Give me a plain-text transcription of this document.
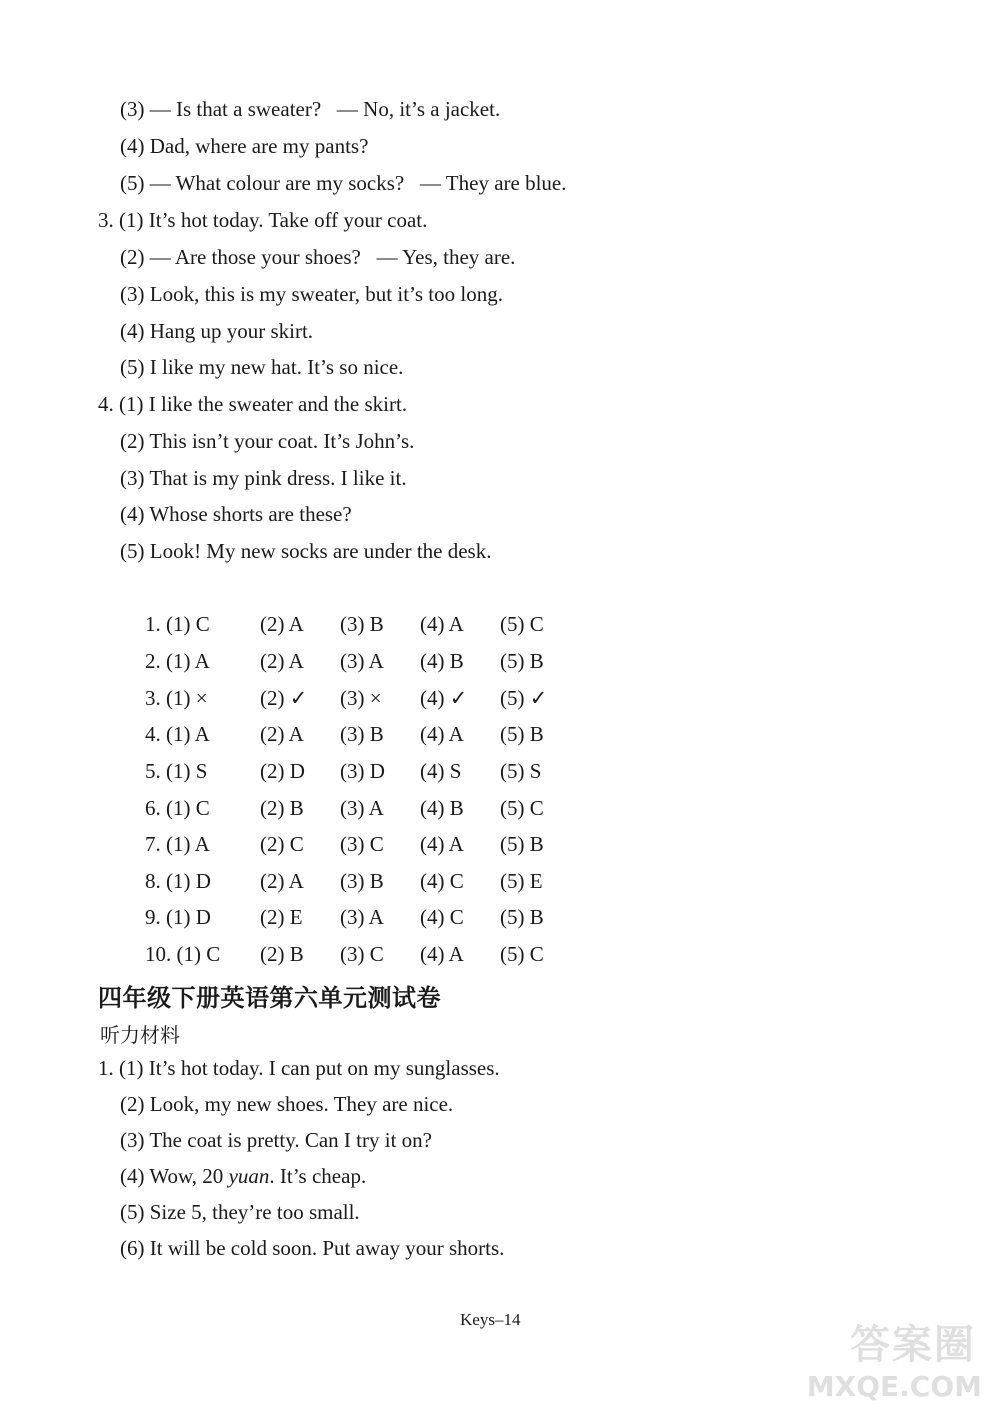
(3) — Is that a sweater?   — No, it’s a jacket.
(4) Dad, where are my pants?
(5) — What colour are my socks?   — They are blue.
3. (1) It’s hot today. Take off your coat.
(2) — Are those your shoes?   — Yes, they are.
(3) Look, this is my sweater, but it’s too long.
(4) Hang up your skirt.
(5) I like my new hat. It’s so nice.
4. (1) I like the sweater and the skirt.
(2) This isn’t your coat. It’s John’s.
(3) That is my pink dress. I like it.
(4) Whose shorts are these?
(5) Look! My new socks are under the desk.
1. (1) C (2) A (3) B (4) A (5) C
2. (1) A (2) A (3) A (4) B (5) B
3. (1) × (2) ✓ (3) × (4) ✓ (5) ✓
4. (1) A (2) A (3) B (4) A (5) B
5. (1) S	(2) D (3) D (4) S (5) S
6. (1) C (2) B (3) A (4) B (5) C
7. (1) A (2) C (3) C (4) A (5) B
8. (1) D (2) A (3) B (4) C (5) E
9. (1) D (2) E (3) A (4) C (5) B
10. (1) C (2) B (3) C (4) A (5) C
四年级下册英语第六单元测试卷
听力材料
1. (1) It’s hot today. I can put on my sunglasses.
(2) Look, my new shoes. They are nice.
(3) The coat is pretty. Can I try it on?
(4) Wow, 20 yuan. It’s cheap.
(5) Size 5, they’re too small.
(6) It will be cold soon. Put away your shorts.
Keys–14
答案圈
MXQE.COM
